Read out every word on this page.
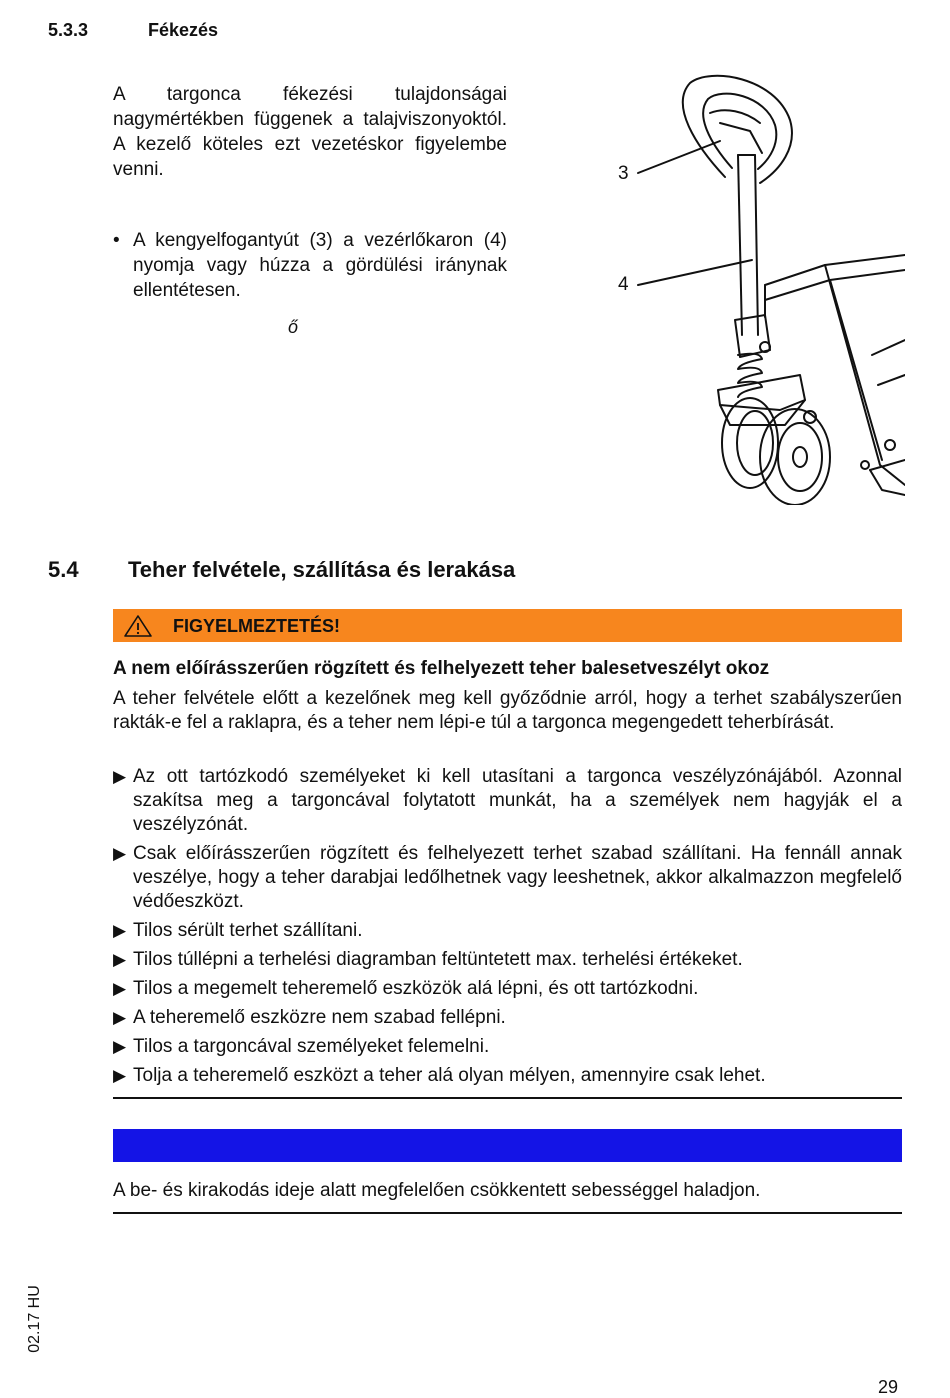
5.3.3	Fékezés
A targonca fékezési tulajdonságai nagymértékben függenek a talajviszonyoktól. A kezelő köteles ezt vezetéskor figyelembe venni.
• A kengyelfogantyút (3) a vezérlőkaron (4) nyomja vagy húzza a gördülési iránynak ellentétesen.
ő
3
4
5.4 Teher felvétele, szállítása és lerakása
FIGYELMEZTETÉS!
A nem előírásszerűen rögzített és felhelyezett teher balesetveszélyt okoz
A teher felvétele előtt a kezelőnek meg kell győződnie arról, hogy a terhet szabályszerűen rakták-e fel a raklapra, és a teher nem lépi-e túl a targonca megengedett teherbírását.
▶ Az ott tartózkodó személyeket ki kell utasítani a targonca veszélyzónájából. Azonnal szakítsa meg a targoncával folytatott munkát, ha a személyek nem hagyják el a veszélyzónát.
▶ Csak előírásszerűen rögzített és felhelyezett terhet szabad szállítani. Ha fennáll annak veszélye, hogy a teher darabjai ledőlhetnek vagy leeshetnek, akkor alkalmazzon megfelelő védőeszközt.
▶ Tilos sérült terhet szállítani.
▶ Tilos túllépni a terhelési diagramban feltüntetett max. terhelési értékeket.
▶ Tilos a megemelt teheremelő eszközök alá lépni, és ott tartózkodni.
▶ A teheremelő eszközre nem szabad fellépni.
▶ Tilos a targoncával személyeket felemelni.
▶ Tolja a teheremelő eszközt a teher alá olyan mélyen, amennyire csak lehet.
A be- és kirakodás ideje alatt megfelelően csökkentett sebességgel haladjon.
02.17 HU
29
